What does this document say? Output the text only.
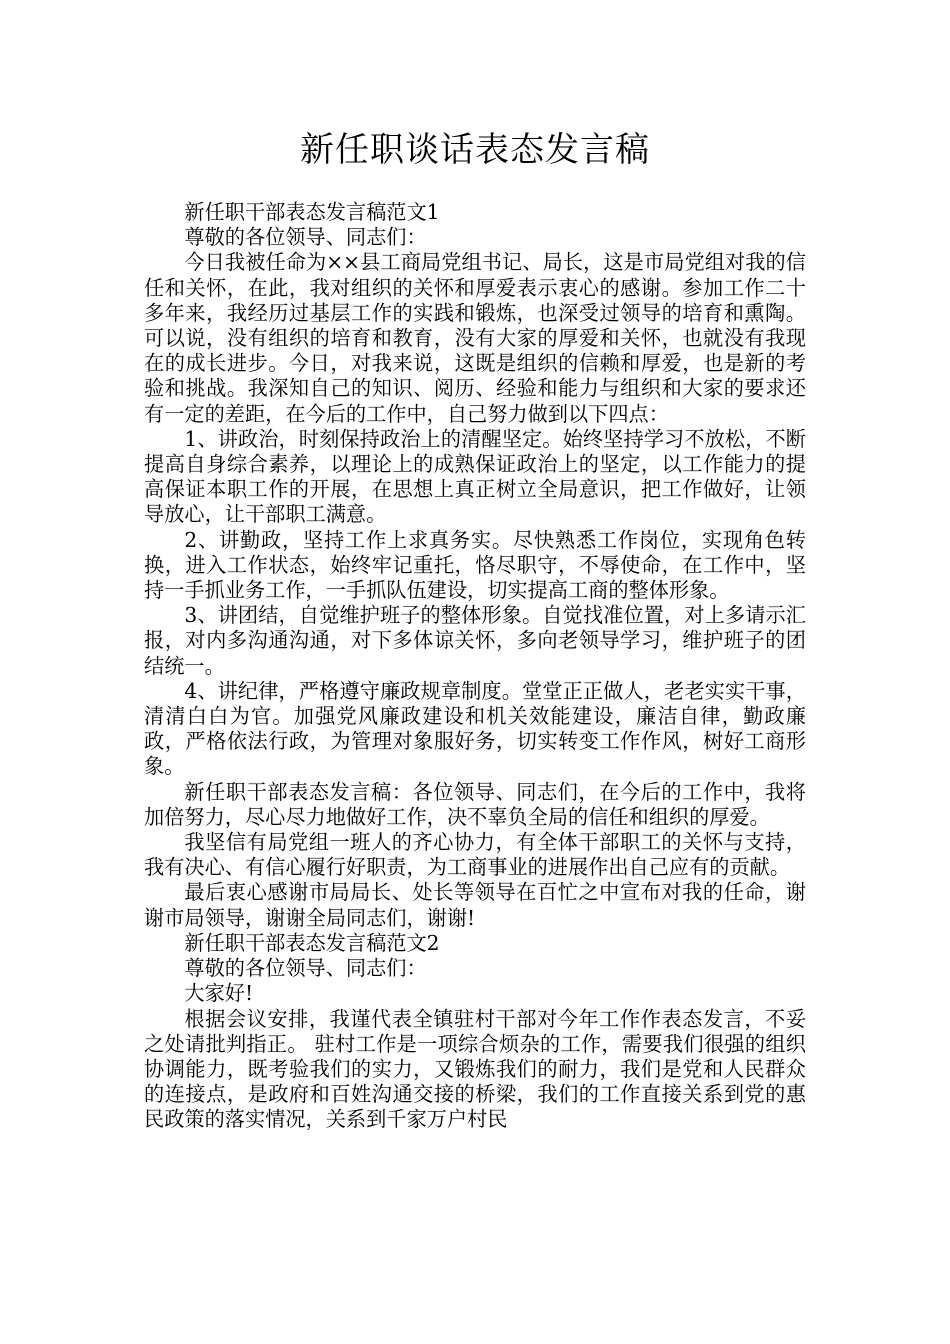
新任职谈话表态发言稿

新任职干部表态发言稿范文1

尊敬的各位领导、同志们：

今日我被任命为××县工商局党组书记、局长，这是市局党组对我的信任和关怀，在此，我对组织的关怀和厚爱表示衷心的感谢。参加工作二十多年来，我经历过基层工作的实践和锻炼，也深受过领导的培育和熏陶。可以说，没有组织的培育和教育，没有大家的厚爱和关怀，也就没有我现在的成长进步。今日，对我来说，这既是组织的信赖和厚爱，也是新的考验和挑战。我深知自己的知识、阅历、经验和能力与组织和大家的要求还有一定的差距，在今后的工作中，自己努力做到以下四点：

1、讲政治，时刻保持政治上的清醒坚定。始终坚持学习不放松，不断提高自身综合素养，以理论上的成熟保证政治上的坚定，以工作能力的提高保证本职工作的开展，在思想上真正树立全局意识，把工作做好，让领导放心，让干部职工满意。

2、讲勤政，坚持工作上求真务实。尽快熟悉工作岗位，实现角色转换，进入工作状态，始终牢记重托，恪尽职守，不辱使命，在工作中，坚持一手抓业务工作，一手抓队伍建设，切实提高工商的整体形象。

3、讲团结，自觉维护班子的整体形象。自觉找准位置，对上多请示汇报，对内多沟通沟通，对下多体谅关怀，多向老领导学习，维护班子的团结统一。

4、讲纪律，严格遵守廉政规章制度。堂堂正正做人，老老实实干事，清清白白为官。加强党风廉政建设和机关效能建设，廉洁自律，勤政廉政，严格依法行政，为管理对象服好务，切实转变工作作风，树好工商形象。

新任职干部表态发言稿：各位领导、同志们，在今后的工作中，我将加倍努力，尽心尽力地做好工作，决不辜负全局的信任和组织的厚爱。

我坚信有局党组一班人的齐心协力，有全体干部职工的关怀与支持，我有决心、有信心履行好职责，为工商事业的进展作出自己应有的贡献。

最后衷心感谢市局局长、处长等领导在百忙之中宣布对我的任命，谢谢市局领导，谢谢全局同志们，谢谢!

新任职干部表态发言稿范文2

尊敬的各位领导、同志们：

大家好!

根据会议安排，我谨代表全镇驻村干部对今年工作作表态发言，不妥之处请批判指正。 驻村工作是一项综合烦杂的工作，需要我们很强的组织协调能力，既考验我们的实力，又锻炼我们的耐力，我们是党和人民群众的连接点，是政府和百姓沟通交接的桥梁，我们的工作直接关系到党的惠民政策的落实情况，关系到千家万户村民
